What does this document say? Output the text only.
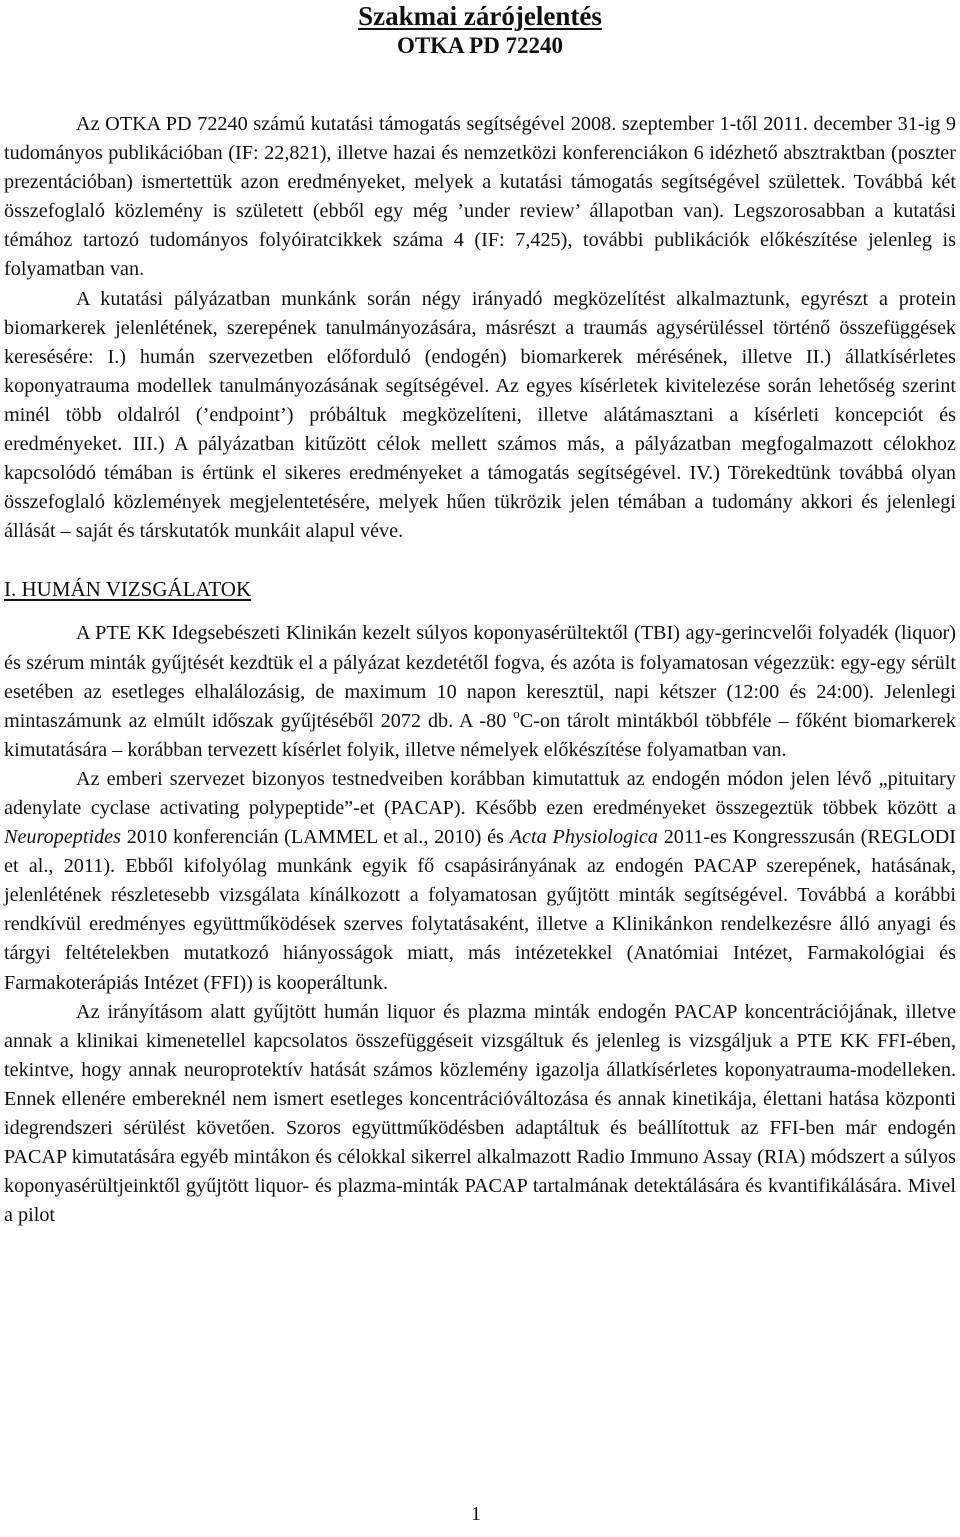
Szakmai zárójelentés
OTKA PD 72240

Az OTKA PD 72240 számú kutatási támogatás segítségével 2008. szeptember 1-től 2011. december 31-ig 9 tudományos publikációban (IF: 22,821), illetve hazai és nemzetközi konferenciákon 6 idézhető absztraktban (poszter prezentációban) ismertettük azon eredményeket, melyek a kutatási támogatás segítségével születtek. Továbbá két összefoglaló közlemény is született (ebből egy még ’under review’ állapotban van). Legszorosabban a kutatási témához tartozó tudományos folyóiratcikkek száma 4 (IF: 7,425), további publikációk előkészítése jelenleg is folyamatban van.

A kutatási pályázatban munkánk során négy irányadó megközelítést alkalmaztunk, egyrészt a protein biomarkerek jelenlétének, szerepének tanulmányozására, másrészt a traumás agysérüléssel történő összefüggések keresésére: I.) humán szervezetben előforduló (endogén) biomarkerek mérésének, illetve II.) állatkísérletes koponyatrauma modellek tanulmányozásának segítségével. Az egyes kísérletek kivitelezése során lehetőség szerint minél több oldalról (’endpoint’) próbáltuk megközelíteni, illetve alátámasztani a kísérleti koncepciót és eredményeket. III.) A pályázatban kitűzött célok mellett számos más, a pályázatban megfogalmazott célokhoz kapcsolódó témában is értünk el sikeres eredményeket a támogatás segítségével. IV.) Törekedtünk továbbá olyan összefoglaló közlemények megjelentetésére, melyek hűen tükrözik jelen témában a tudomány akkori és jelenlegi állását – saját és társkutatók munkáit alapul véve.

I. HUMÁN VIZSGÁLATOK

A PTE KK Idegsebészeti Klinikán kezelt súlyos koponyasérültektől (TBI) agy-gerincvelői folyadék (liquor) és szérum minták gyűjtését kezdtük el a pályázat kezdetétől fogva, és azóta is folyamatosan végezzük: egy-egy sérült esetében az esetleges elhalálozásig, de maximum 10 napon keresztül, napi kétszer (12:00 és 24:00). Jelenlegi mintaszámunk az elmúlt időszak gyűjtéséből 2072 db. A -80 $^o$C-on tárolt mintákból többféle – főként biomarkerek kimutatására – korábban tervezett kísérlet folyik, illetve némelyek előkészítése folyamatban van.

Az emberi szervezet bizonyos testnedveiben korábban kimutattuk az endogén módon jelen lévő „pituitary adenylate cyclase activating polypeptide”-et (PACAP). Később ezen eredményeket összegeztük többek között a Neuropeptides 2010 konferencián (LAMMEL et al., 2010) és Acta Physiologica 2011-es Kongresszusán (REGLODI et al., 2011). Ebből kifolyólag munkánk egyik fő csapásirányának az endogén PACAP szerepének, hatásának, jelenlétének részletesebb vizsgálata kínálkozott a folyamatosan gyűjtött minták segítségével. Továbbá a korábbi rendkívül eredményes együttműködések szerves folytatásaként, illetve a Klinikánkon rendelkezésre álló anyagi és tárgyi feltételekben mutatkozó hiányosságok miatt, más intézetekkel (Anatómiai Intézet, Farmakológiai és Farmakoterápiás Intézet (FFI)) is kooperáltunk.

Az irányításom alatt gyűjtött humán liquor és plazma minták endogén PACAP koncentrációjának, illetve annak a klinikai kimenetellel kapcsolatos összefüggéseit vizsgáltuk és jelenleg is vizsgáljuk a PTE KK FFI-ében, tekintve, hogy annak neuroprotektív hatását számos közlemény igazolja állatkísérletes koponyatrauma-modelleken. Ennek ellenére embereknél nem ismert esetleges koncentrációváltozása és annak kinetikája, élettani hatása központi idegrendszeri sérülést követően. Szoros együttműködésben adaptáltuk és beállítottuk az FFI-ben már endogén PACAP kimutatására egyéb mintákon és célokkal sikerrel alkalmazott Radio Immuno Assay (RIA) módszert a súlyos koponyasérültjeinktől gyűjtött liquor- és plazma-minták PACAP tartalmának detektálására és kvantifikálására. Mivel a pilot

1
